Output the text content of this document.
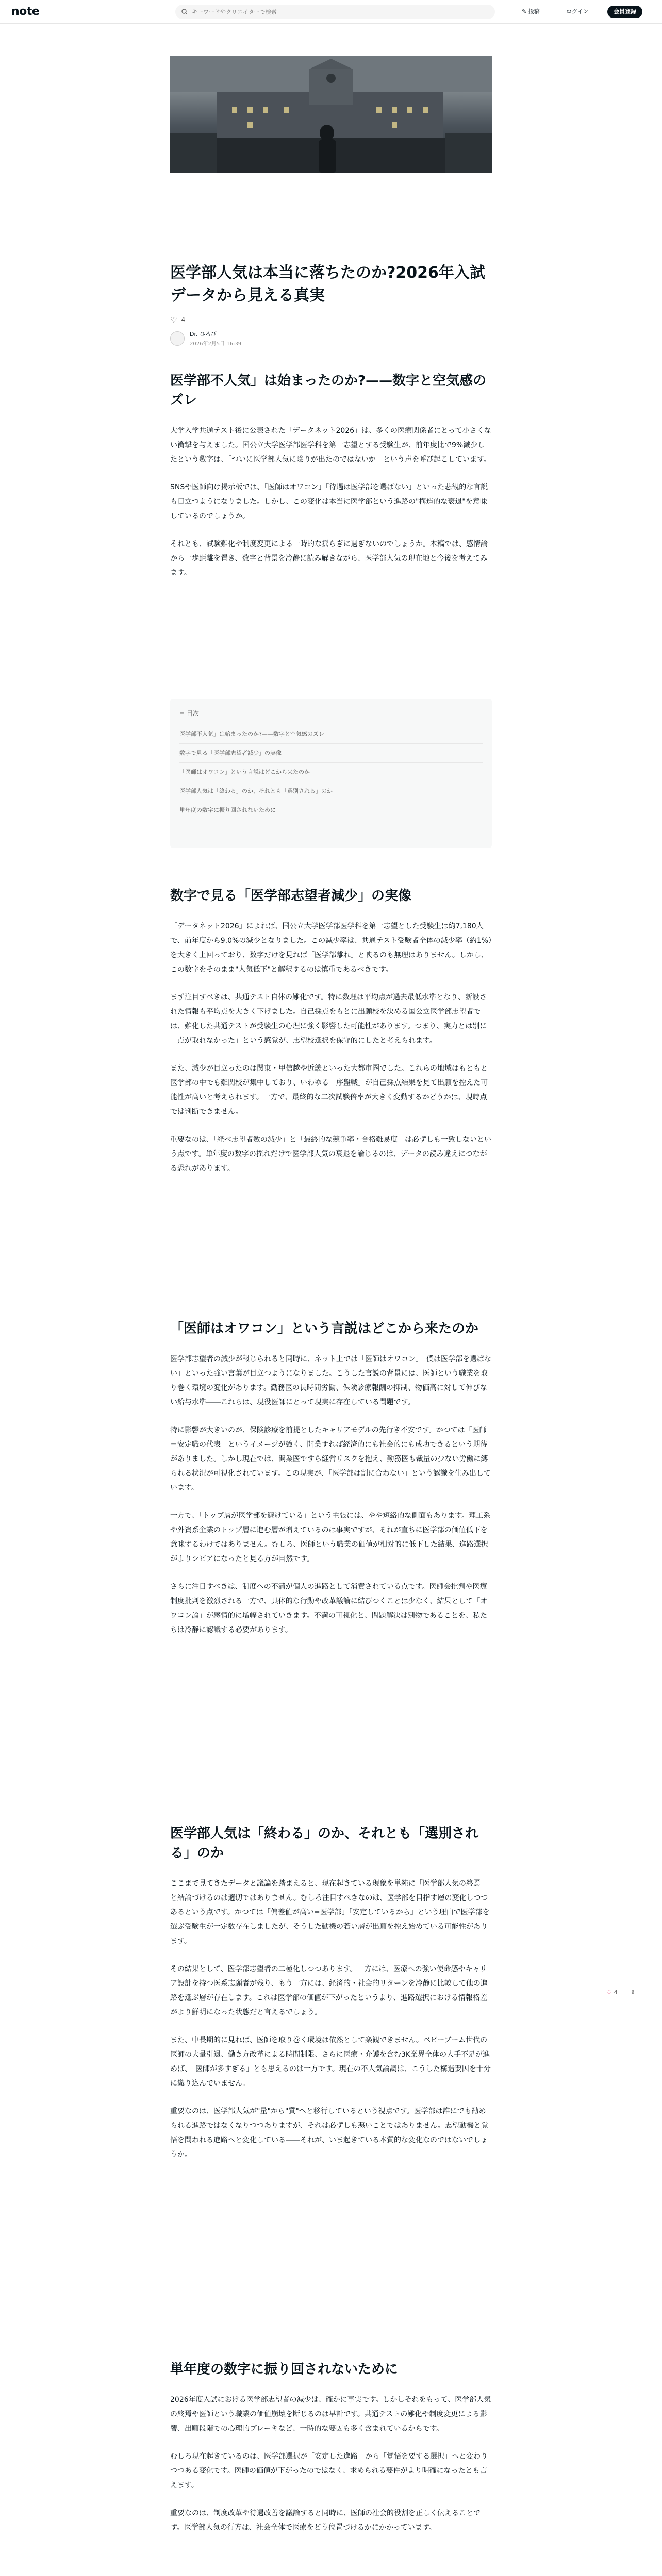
note
キーワードやクリエイターで検索	✎ 投稿	ログイン	会員登録
医学部人気は本当に落ちたのか?2026年入試データから見える真実
♡ 4
Dr. ひろび
2026年2月5日 16:39
医学部不人気」は始まったのか?——数字と空気感のズレ

大学入学共通テスト後に公表された「データネット2026」は、多くの医療関係者にとって小さくない衝撃を与えました。国公立大学医学部医学科を第一志望とする受験生が、前年度比で9%減少したという数字は、「ついに医学部人気に陰りが出たのではないか」という声を呼び起こしています。

SNSや医師向け掲示板では、「医師はオワコン」「待遇は医学部を選ばない」といった悲観的な言説も目立つようになりました。しかし、この変化は本当に医学部という進路の"構造的な衰退"を意味しているのでしょうか。

それとも、試験難化や制度変更による一時的な揺らぎに過ぎないのでしょうか。本稿では、感情論から一歩距離を置き、数字と背景を冷静に読み解きながら、医学部人気の現在地と今後を考えてみます。

≡ 目次
医学部不人気」は始まったのか?——数字と空気感のズレ
数字で見る「医学部志望者減少」の実像
「医師はオワコン」という言説はどこから来たのか
医学部人気は「終わる」のか、それとも「選別される」のか
単年度の数字に振り回されないために
数字で見る「医学部志望者減少」の実像

「データネット2026」によれば、国公立大学医学部医学科を第一志望とした受験生は約7,180人で、前年度から9.0%の減少となりました。この減少率は、共通テスト受験者全体の減少率（約1%）を大きく上回っており、数字だけを見れば「医学部離れ」と映るのも無理はありません。しかし、この数字をそのまま"人気低下"と解釈するのは慎重であるべきです。

まず注目すべきは、共通テスト自体の難化です。特に数理は平均点が過去最低水準となり、新設された情報も平均点を大きく下げました。自己採点をもとに出願校を決める国公立医学部志望者では、難化した共通テストが受験生の心理に強く影響した可能性があります。つまり、実力とは別に「点が取れなかった」という感覚が、志望校選択を保守的にしたと考えられます。

また、減少が目立ったのは関東・甲信越や近畿といった大都市圏でした。これらの地域はもともと医学部の中でも難関校が集中しており、いわゆる「序盤戦」が自己採点結果を見て出願を控えた可能性が高いと考えられます。一方で、最終的な二次試験倍率が大きく変動するかどうかは、現時点では判断できません。

重要なのは、「経べ志望者数の減少」と「最終的な競争率・合格難易度」は必ずしも一致しないという点です。単年度の数字の揺れだけで医学部人気の衰退を論じるのは、データの読み違えにつながる恐れがあります。

「医師はオワコン」という言説はどこから来たのか

医学部志望者の減少が報じられると同時に、ネット上では「医師はオワコン」「僕は医学部を選ばない」といった強い言葉が目立つようになりました。こうした言説の背景には、医師という職業を取り巻く環境の変化があります。勤務医の長時間労働、保険診療報酬の抑制、物価高に対して伸びない給与水準――これらは、現役医師にとって現実に存在している問題です。

特に影響が大きいのが、保険診療を前提としたキャリアモデルの先行き不安です。かつては「医師＝安定職の代表」というイメージが強く、開業すれば経済的にも社会的にも成功できるという期待がありました。しかし現在では、開業医ですら経営リスクを抱え、勤務医も裁量の少ない労働に縛られる状況が可視化されています。この現実が、「医学部は割に合わない」という認識を生み出しています。

一方で、「トップ層が医学部を避けている」という主張には、やや短絡的な側面もあります。理工系や外資系企業のトップ層に進む層が増えているのは事実ですが、それが直ちに医学部の価値低下を意味するわけではありません。むしろ、医師という職業の価値が相対的に低下した結果、進路選択がよりシビアになったと見る方が自然です。

さらに注目すべきは、制度への不満が個人の進路として消費されている点です。医師会批判や医療制度批判を激烈される一方で、具体的な行動や改革議論に結びつくことは少なく、結果として「オワコン論」が感情的に増幅されていきます。不満の可視化と、問題解決は別物であることを、私たちは冷静に認識する必要があります。

医学部人気は「終わる」のか、それとも「選別される」のか

ここまで見てきたデータと議論を踏まえると、現在起きている現象を単純に「医学部人気の終焉」と結論づけるのは適切ではありません。むしろ注目すべきなのは、医学部を目指す層の変化しつつあるという点です。かつては「偏差値が高い=医学部」「安定しているから」という理由で医学部を選ぶ受験生が一定数存在しましたが、そうした動機の若い層が出願を控え始めている可能性があります。

その結果として、医学部志望者の二極化しつつあります。一方には、医療への強い使命感やキャリア設計を持つ医系志願者が残り、もう一方には、経済的・社会的リターンを冷静に比較して他の進路を選ぶ層が存在します。これは医学部の価値が下がったというより、進路選択における情報格差がより鮮明になった状態だと言えるでしょう。

また、中長期的に見れば、医師を取り巻く環境は依然として楽観できません。ベビーブーム世代の医師の大量引退、働き方改革による時間制限、さらに医療・介護を含む3K業界全体の人手不足が進めば、「医師が多すぎる」とも思えるのは一方です。現在の不人気論調は、こうした構造要因を十分に織り込んでいません。

重要なのは、医学部人気が"量"から"質"へと移行しているという視点です。医学部は誰にでも勧められる進路ではなくなりつつありますが、それは必ずしも悪いことではありません。志望動機と覚悟を問われる進路へと変化している――それが、いま起きている本質的な変化なのではないでしょうか。

♡ 4 ⇪
単年度の数字に振り回されないために

2026年度入試における医学部志望者の減少は、確かに事実です。しかしそれをもって、医学部人気の終焉や医師という職業の価値崩壊を断じるのは早計です。共通テストの難化や制度変更による影響、出願段階での心理的ブレーキなど、一時的な要因も多く含まれているからです。

むしろ現在起きているのは、医学部選択が「安定した進路」から「覚悟を要する選択」へと変わりつつある変化です。医師の価値が下がったのではなく、求められる要件がより明確になったとも言えます。

重要なのは、制度改革や待遇改善を議論すると同時に、医師の社会的役割を正しく伝えることです。医学部人気の行方は、社会全体で医療をどう位置づけるかにかかっています。
